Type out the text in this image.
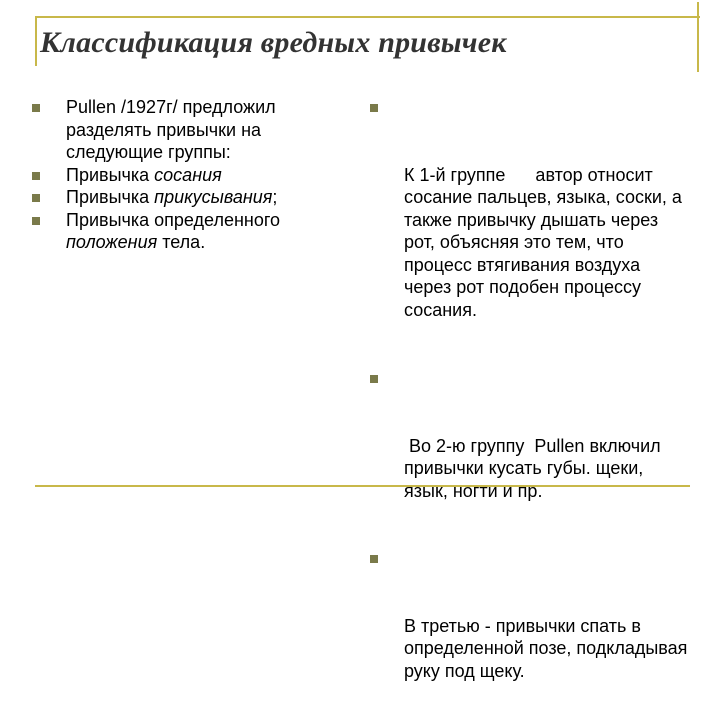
Классификация вредных привычек
Pullen /1927г/ предложил разделять привычки на следующие группы:
Привычка сосания
Привычка прикусывания;
Привычка определенного положения тела.

К 1-й группе      автор относит сосание пальцев, языка, соски, а также привычку дышать через рот, объясняя это тем, что процесс втягивания воздуха через рот подобен процессу сосания.

Во 2-ю группу  Pullen включил  привычки кусать губы. щеки, язык, ногти и пр.

В третью - привычки спать в определенной позе, подкладывая руку под щеку.
